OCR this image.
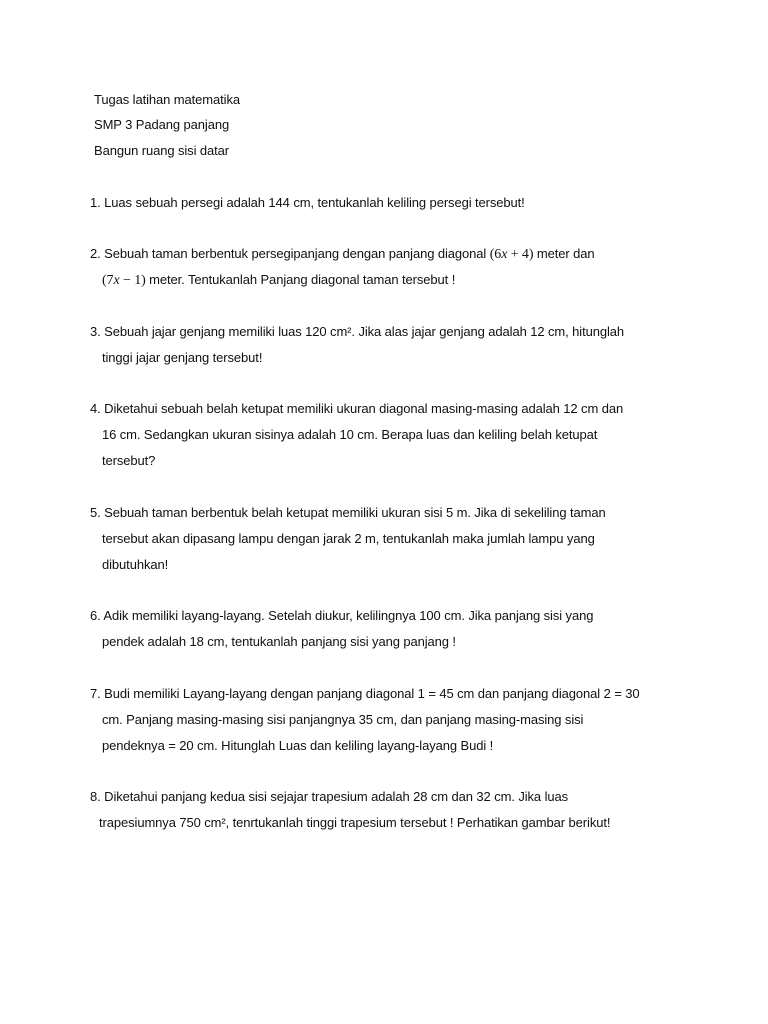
Tugas latihan matematika
SMP 3 Padang panjang
Bangun ruang sisi datar
1. Luas sebuah persegi adalah 144 cm, tentukanlah keliling persegi tersebut!
2. Sebuah taman berbentuk persegipanjang dengan panjang diagonal (6x + 4) meter dan
(7x − 1) meter. Tentukanlah Panjang diagonal taman tersebut !
3. Sebuah jajar genjang memiliki luas 120 cm². Jika alas jajar genjang adalah 12 cm, hitunglah
tinggi jajar genjang tersebut!
4. Diketahui sebuah belah ketupat memiliki ukuran diagonal masing-masing adalah 12 cm dan
16 cm. Sedangkan ukuran sisinya adalah 10 cm. Berapa luas dan keliling belah ketupat
tersebut?
5. Sebuah taman berbentuk belah ketupat memiliki ukuran sisi 5 m. Jika di sekeliling taman
tersebut akan dipasang lampu dengan jarak 2 m, tentukanlah maka jumlah lampu yang
dibutuhkan!
6. Adik memiliki layang-layang. Setelah diukur, kelilingnya 100 cm. Jika panjang sisi yang
pendek adalah 18 cm, tentukanlah panjang sisi yang panjang !
7. Budi memiliki Layang-layang dengan panjang diagonal 1 = 45 cm dan panjang diagonal 2 = 30
cm. Panjang masing-masing sisi panjangnya 35 cm, dan panjang masing-masing sisi
pendeknya = 20 cm. Hitunglah Luas dan keliling layang-layang Budi !
8. Diketahui panjang kedua sisi sejajar trapesium adalah 28 cm dan 32 cm. Jika luas
trapesiumnya 750 cm², tenrtukanlah tinggi trapesium tersebut ! Perhatikan gambar berikut!
